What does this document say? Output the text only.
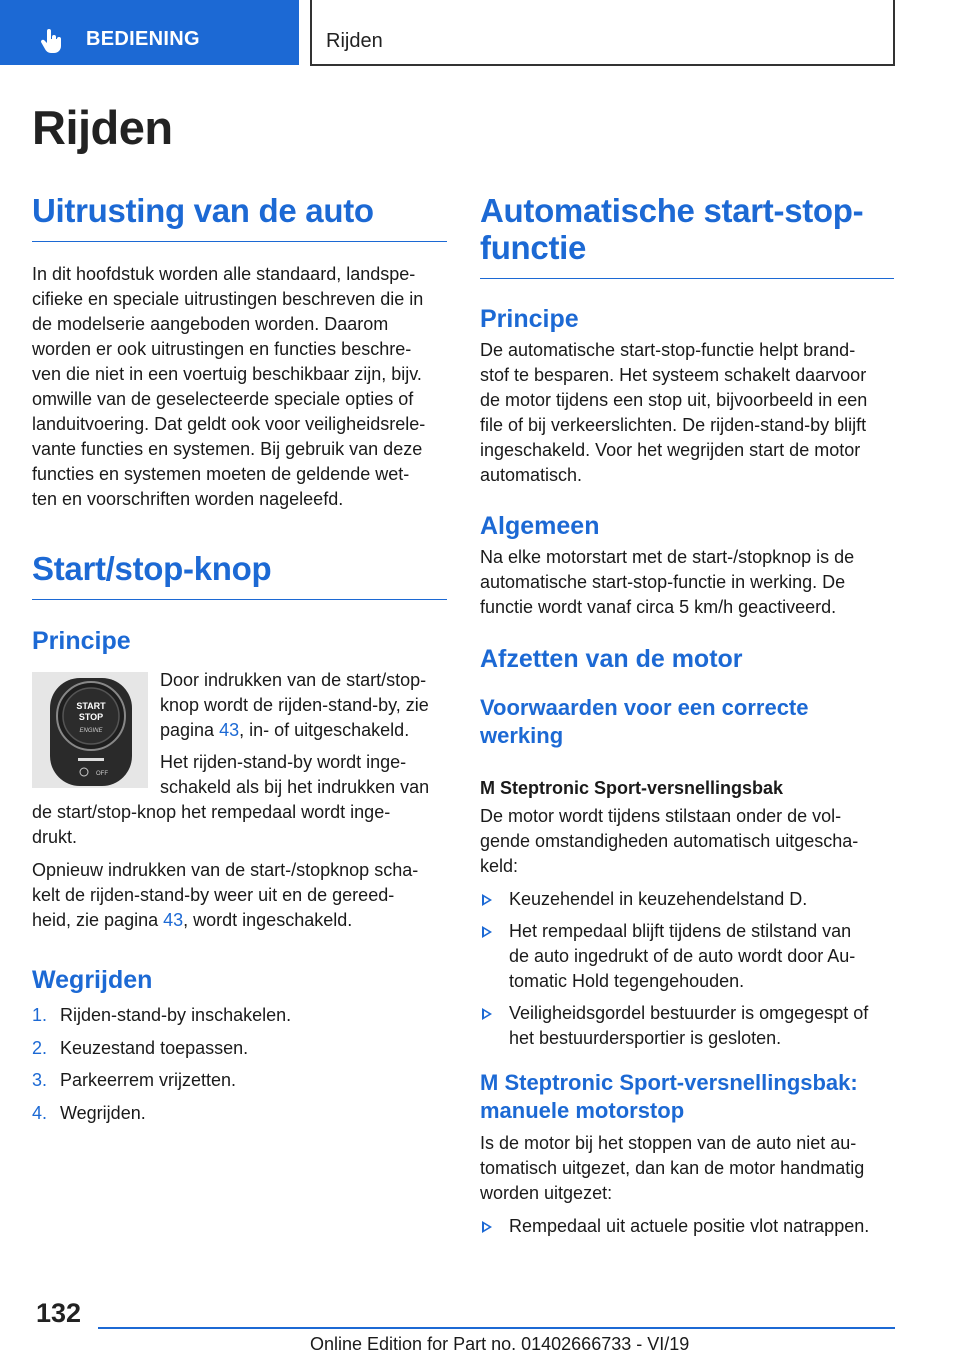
BEDIENING	Rijden
Rijden
Uitrusting van de auto

In dit hoofdstuk worden alle standaard, landspe-

cifieke en speciale uitrustingen beschreven die in

de modelserie aangeboden worden. Daarom

worden er ook uitrustingen en functies beschre-

ven die niet in een voertuig beschikbaar zijn, bijv.

omwille van de geselecteerde speciale opties of

landuitvoering. Dat geldt ook voor veiligheidsrele-

vante functies en systemen. Bij gebruik van deze

functies en systemen moeten de geldende wet-

ten en voorschriften worden nageleefd.

Start/stop-knop
Principe
START
STOP
ENGINE
OFF

Door indrukken van de start/stop-

knop wordt de rijden-stand-by, zie

pagina 43, in- of uitgeschakeld.

Het rijden-stand-by wordt inge-

schakeld als bij het indrukken van

de start/stop-knop het rempedaal wordt inge-

drukt.

Opnieuw indrukken van de start-/stopknop scha-

kelt de rijden-stand-by weer uit en de gereed-

heid, zie pagina 43, wordt ingeschakeld.

Wegrijden
1. Rijden-stand-by inschakelen.
2. Keuzestand toepassen.
3. Parkeerrem vrijzetten.
4. Wegrijden.
Automatische start-stop-
functie
Principe

De automatische start-stop-functie helpt brand-

stof te besparen. Het systeem schakelt daarvoor

de motor tijdens een stop uit, bijvoorbeeld in een

file of bij verkeerslichten. De rijden-stand-by blijft

ingeschakeld. Voor het wegrijden start de motor

automatisch.

Algemeen

Na elke motorstart met de start-/stopknop is de

automatische start-stop-functie in werking. De

functie wordt vanaf circa 5 km/h geactiveerd.

Afzetten van de motor
Voorwaarden voor een correcte
werking
M Steptronic Sport-versnellingsbak

De motor wordt tijdens stilstaan onder de vol-

gende omstandigheden automatisch uitgescha-

keld:

Keuzehendel in keuzehendelstand D.
Het rempedaal blijft tijdens de stilstand van
de auto ingedrukt of de auto wordt door Au-
tomatic Hold tegengehouden.
Veiligheidsgordel bestuurder is omgegespt of
het bestuurdersportier is gesloten.
M Steptronic Sport-versnellingsbak:
manuele motorstop

Is de motor bij het stoppen van de auto niet au-

tomatisch uitgezet, dan kan de motor handmatig

worden uitgezet:

Rempedaal uit actuele positie vlot natrappen.
132
Online Edition for Part no. 01402666733 - VI/19
